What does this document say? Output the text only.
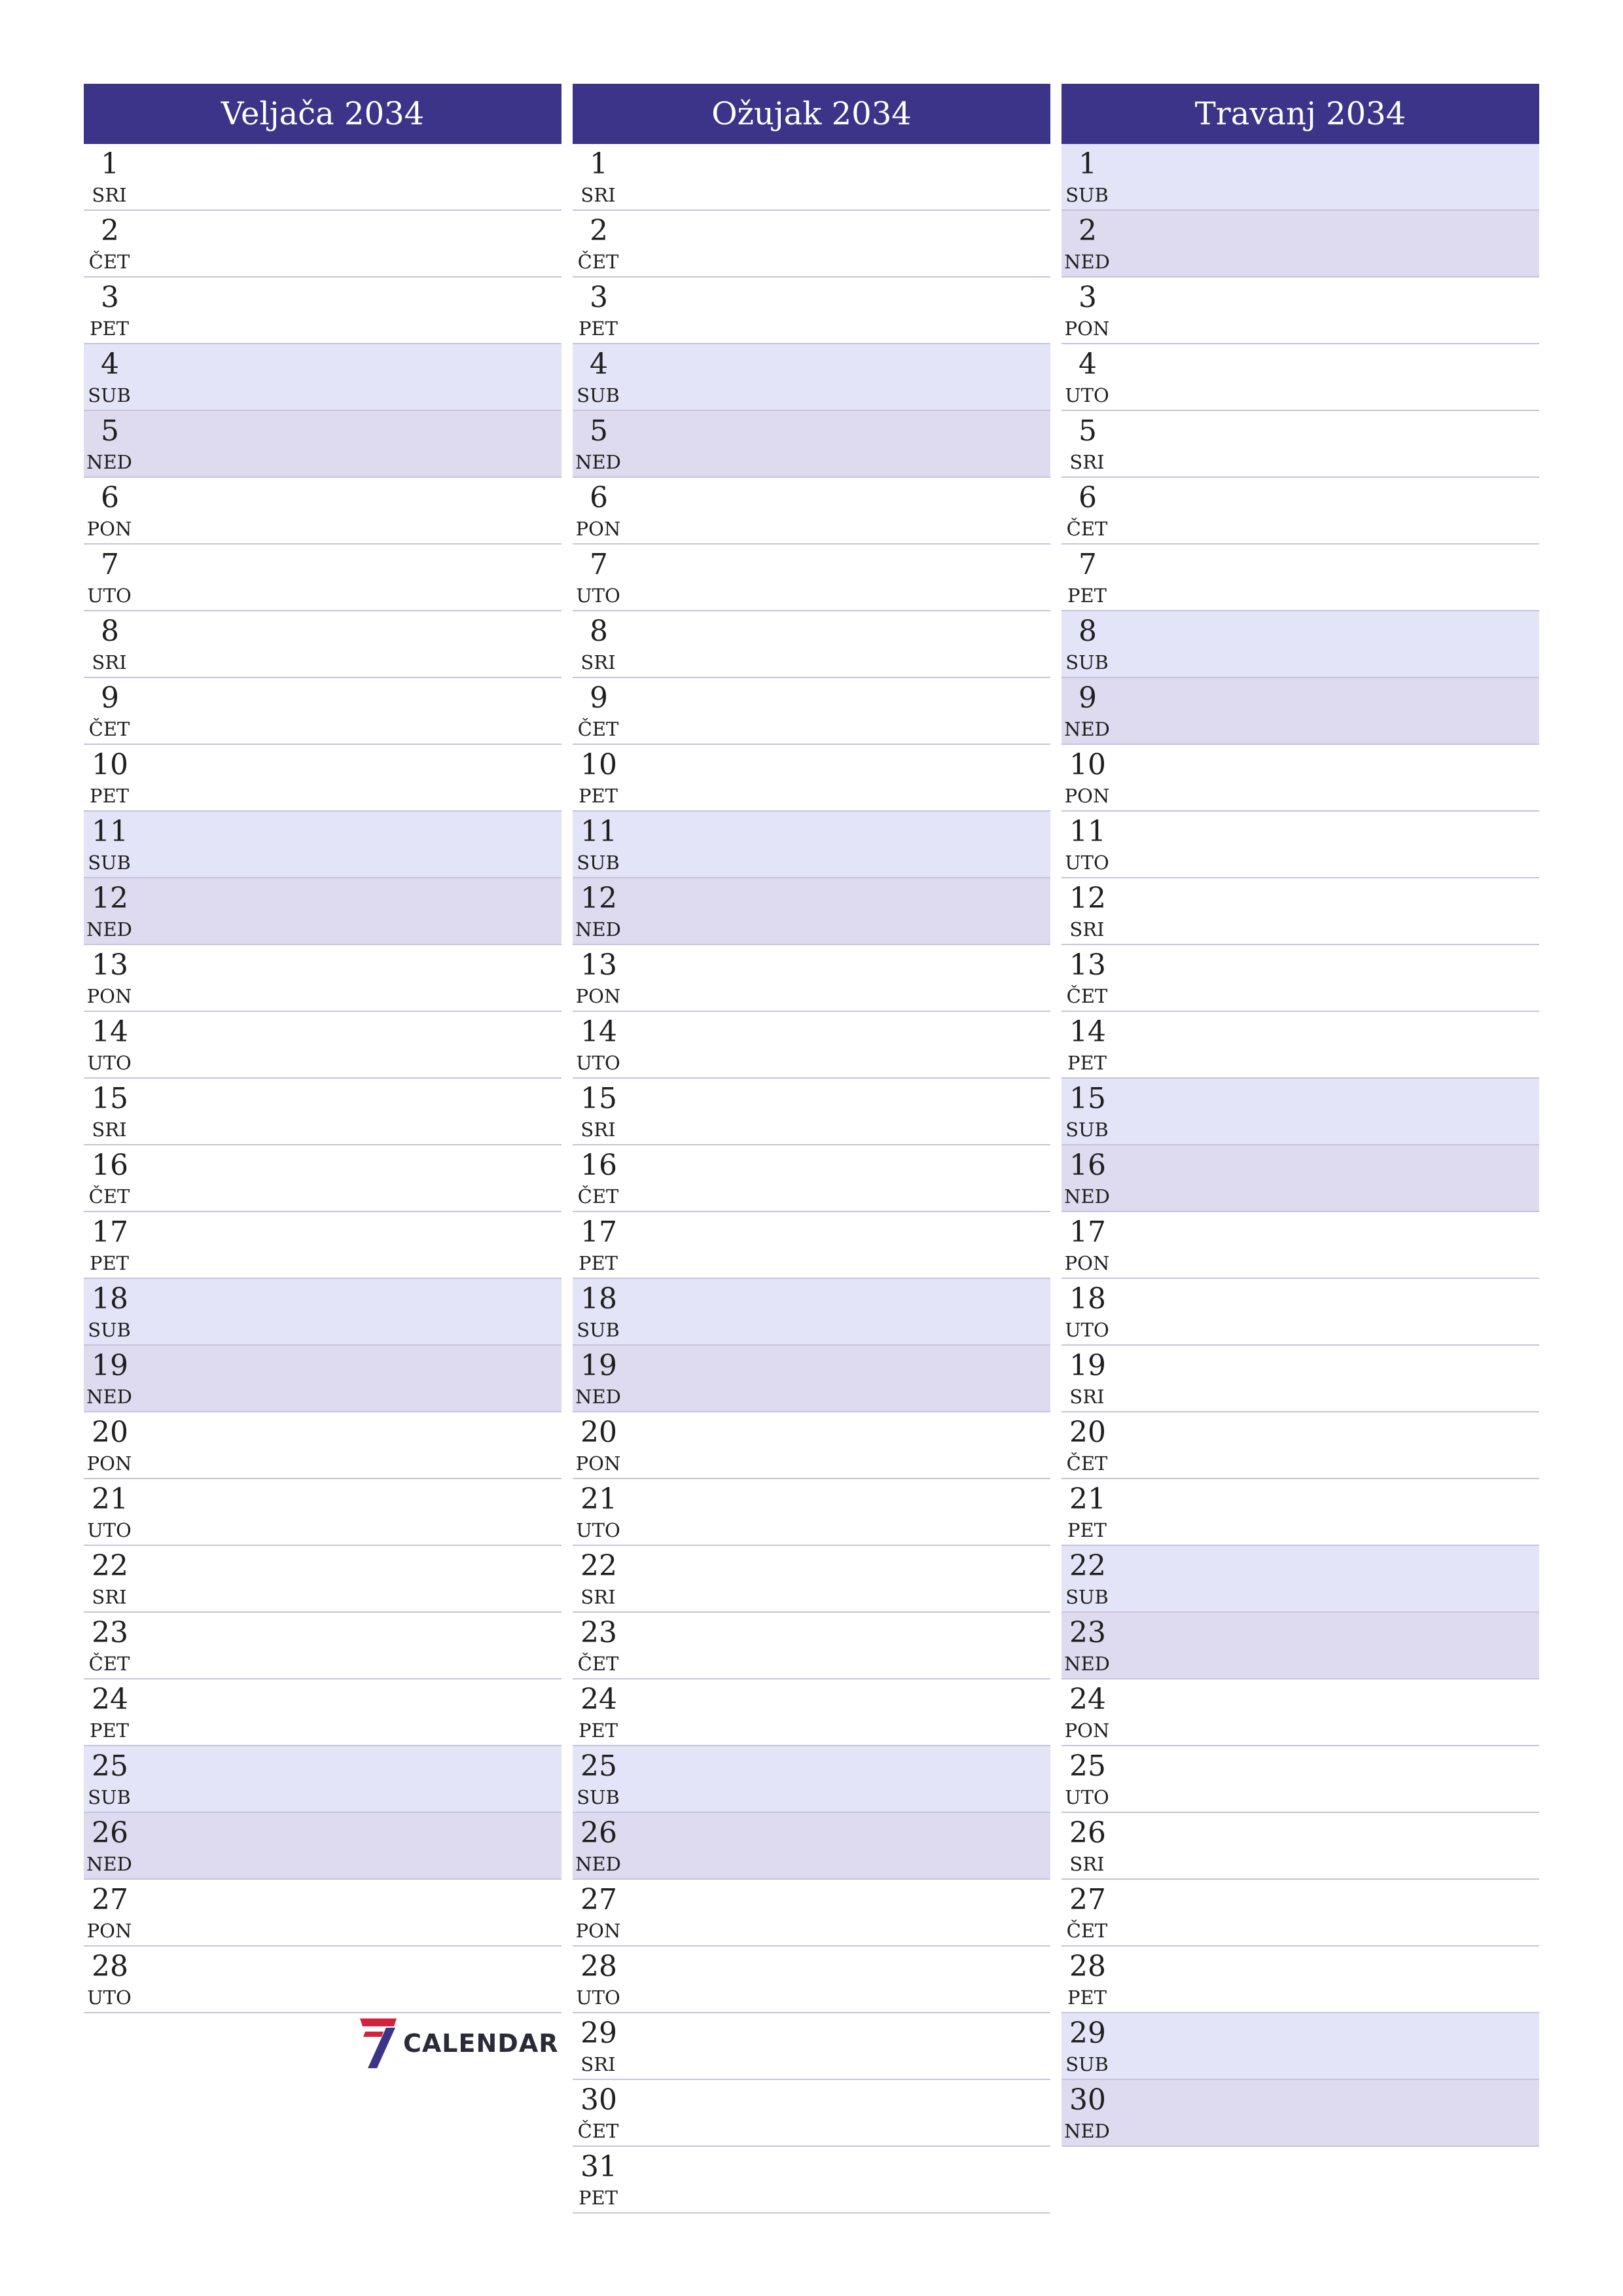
Veljača 2034
1
SRI
2
ČET
3
PET
4
SUB
5
NED
6
PON
7
UTO
8
SRI
9
ČET
10
PET
11
SUB
12
NED
13
PON
14
UTO
15
SRI
16
ČET
17
PET
18
SUB
19
NED
20
PON
21
UTO
22
SRI
23
ČET
24
PET
25
SUB
26
NED
27
PON
28
UTO
Ožujak 2034
1
SRI
2
ČET
3
PET
4
SUB
5
NED
6
PON
7
UTO
8
SRI
9
ČET
10
PET
11
SUB
12
NED
13
PON
14
UTO
15
SRI
16
ČET
17
PET
18
SUB
19
NED
20
PON
21
UTO
22
SRI
23
ČET
24
PET
25
SUB
26
NED
27
PON
28
UTO
29
SRI
30
ČET
31
PET
Travanj 2034
1
SUB
2
NED
3
PON
4
UTO
5
SRI
6
ČET
7
PET
8
SUB
9
NED
10
PON
11
UTO
12
SRI
13
ČET
14
PET
15
SUB
16
NED
17
PON
18
UTO
19
SRI
20
ČET
21
PET
22
SUB
23
NED
24
PON
25
UTO
26
SRI
27
ČET
28
PET
29
SUB
30
NED
CALENDAR
